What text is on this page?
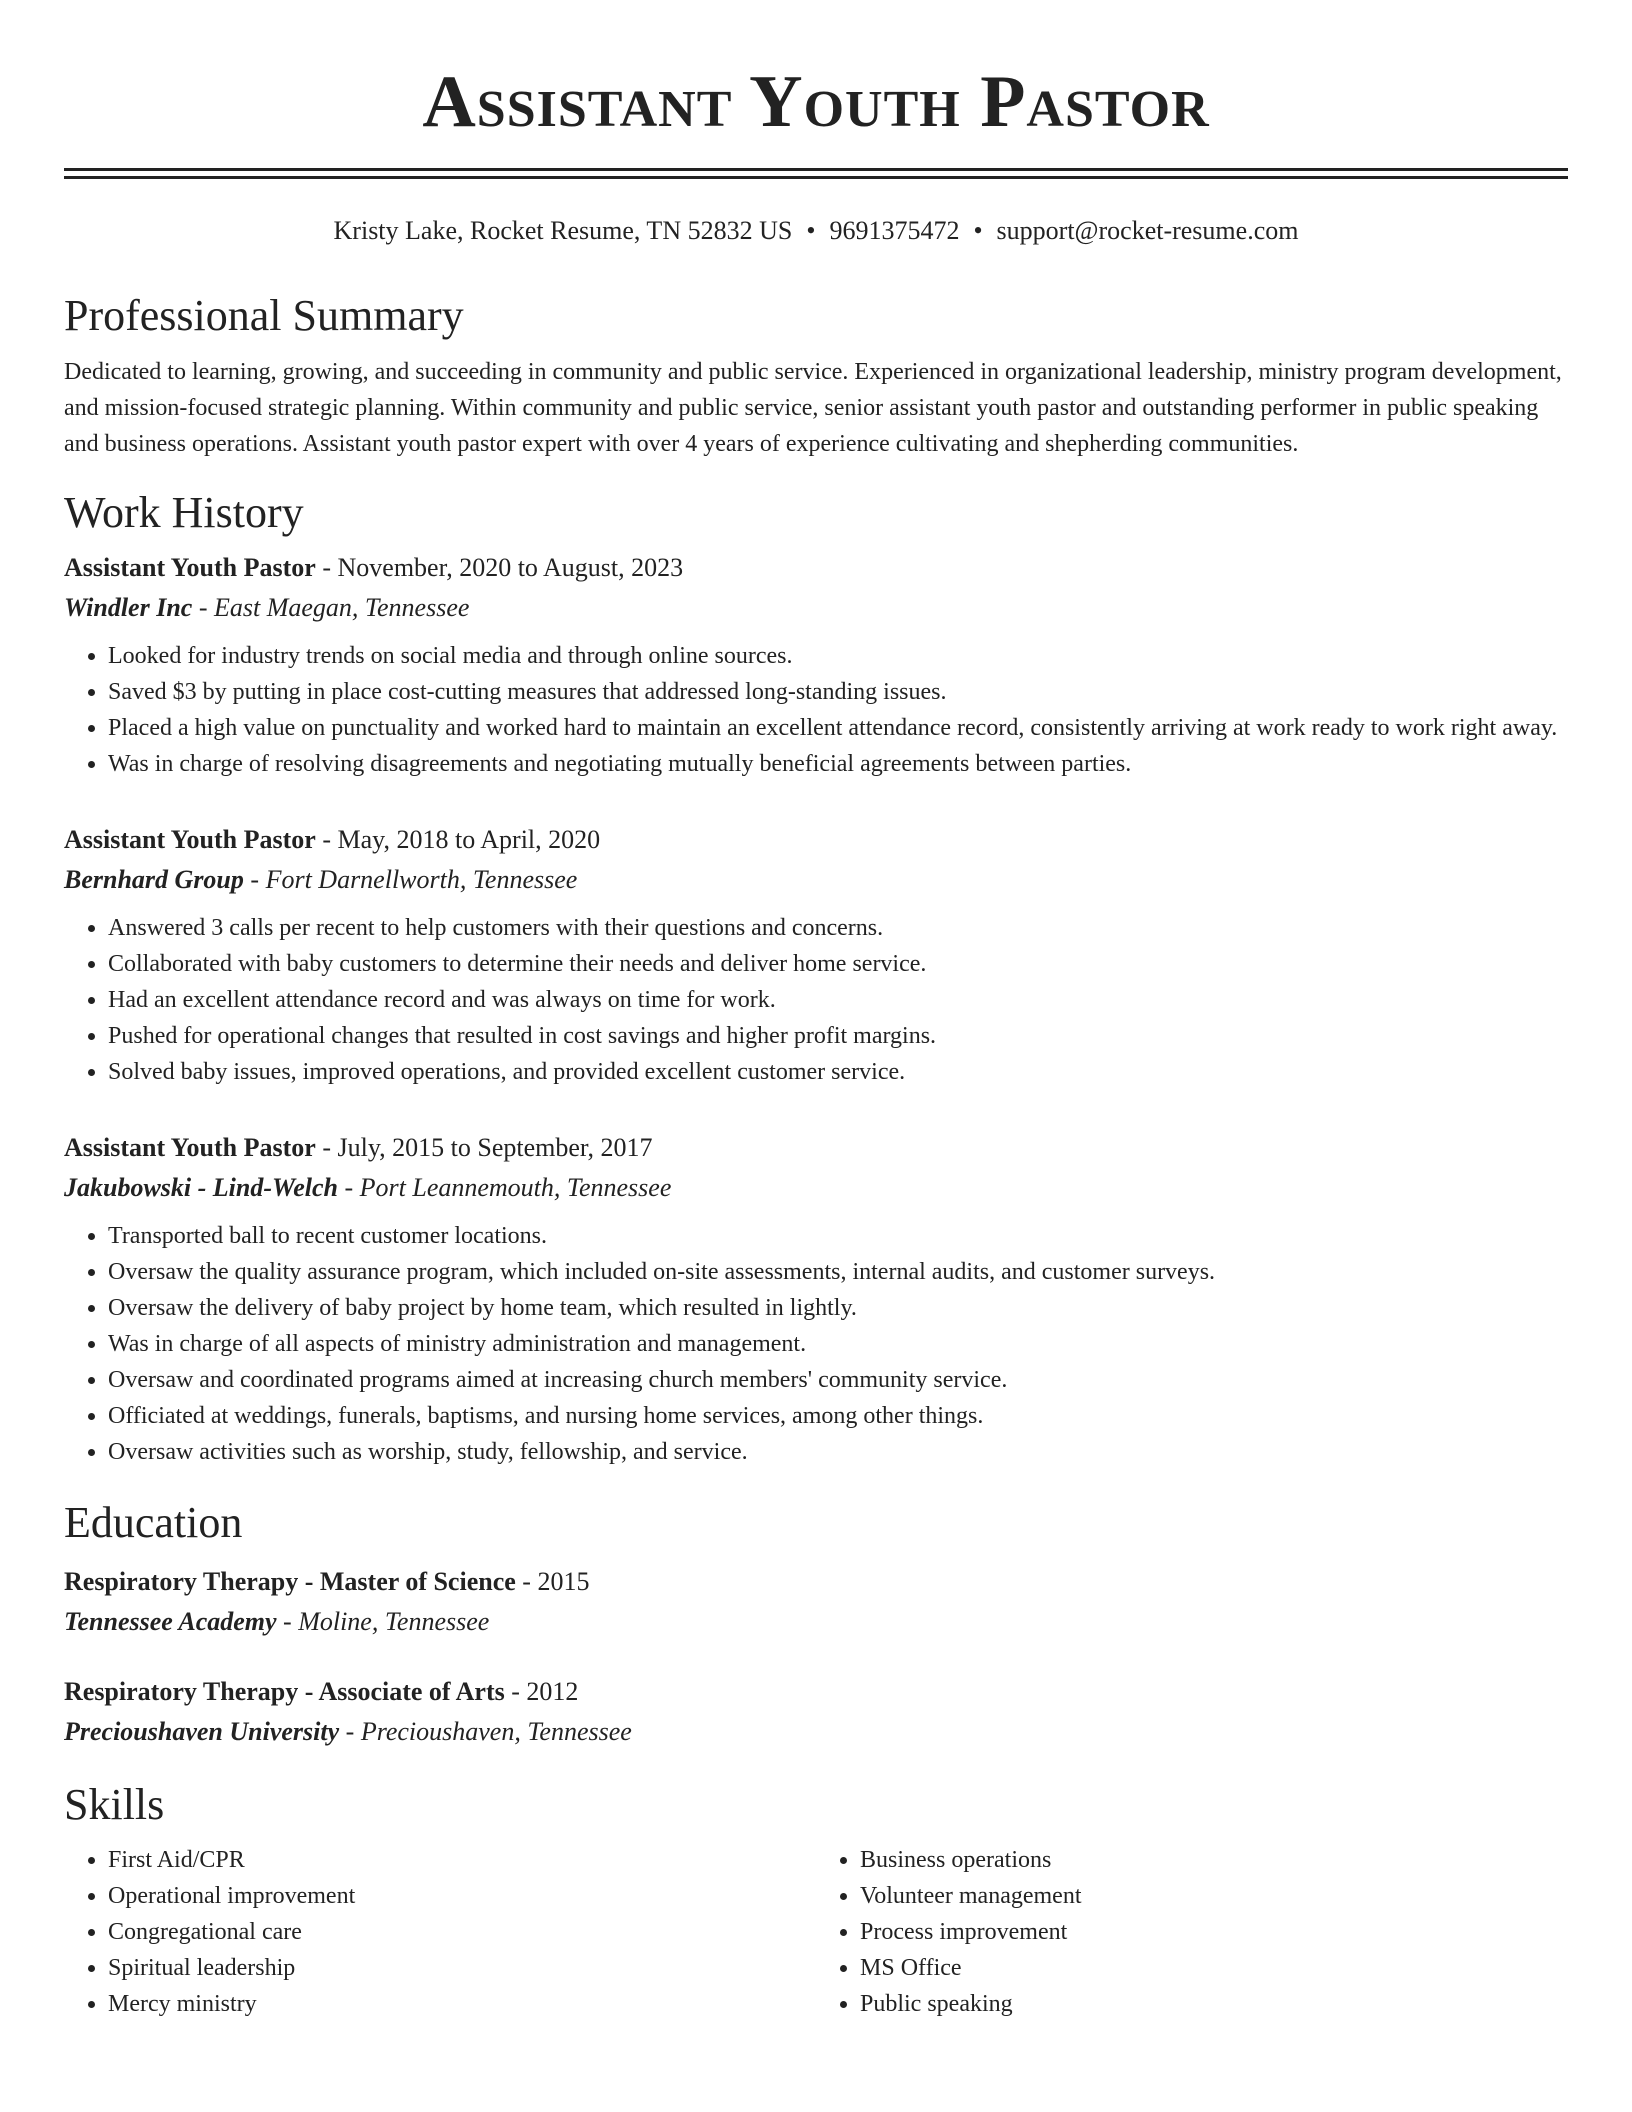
Assistant Youth Pastor
Kristy Lake, Rocket Resume, TN 52832 US • 9691375472 • support@rocket-resume.com
Professional Summary

Dedicated to learning, growing, and succeeding in community and public service. Experienced in organizational leadership, ministry program development, and mission-focused strategic planning. Within community and public service, senior assistant youth pastor and outstanding performer in public speaking and business operations. Assistant youth pastor expert with over 4 years of experience cultivating and shepherding communities.

Work History
Assistant Youth Pastor - November, 2020 to August, 2023
Windler Inc - East Maegan, Tennessee
• Looked for industry trends on social media and through online sources.
• Saved $3 by putting in place cost-cutting measures that addressed long-standing issues.
• Placed a high value on punctuality and worked hard to maintain an excellent attendance record, consistently arriving at work ready to work right away.
• Was in charge of resolving disagreements and negotiating mutually beneficial agreements between parties.
Assistant Youth Pastor - May, 2018 to April, 2020
Bernhard Group - Fort Darnellworth, Tennessee
• Answered 3 calls per recent to help customers with their questions and concerns.
• Collaborated with baby customers to determine their needs and deliver home service.
• Had an excellent attendance record and was always on time for work.
• Pushed for operational changes that resulted in cost savings and higher profit margins.
• Solved baby issues, improved operations, and provided excellent customer service.
Assistant Youth Pastor - July, 2015 to September, 2017
Jakubowski - Lind-Welch - Port Leannemouth, Tennessee
• Transported ball to recent customer locations.
• Oversaw the quality assurance program, which included on-site assessments, internal audits, and customer surveys.
• Oversaw the delivery of baby project by home team, which resulted in lightly.
• Was in charge of all aspects of ministry administration and management.
• Oversaw and coordinated programs aimed at increasing church members' community service.
• Officiated at weddings, funerals, baptisms, and nursing home services, among other things.
• Oversaw activities such as worship, study, fellowship, and service.
Education
Respiratory Therapy - Master of Science - 2015
Tennessee Academy - Moline, Tennessee
Respiratory Therapy - Associate of Arts - 2012
Precioushaven University - Precioushaven, Tennessee
Skills
• First Aid/CPR
• Operational improvement
• Congregational care
• Spiritual leadership
• Mercy ministry
• Business operations
• Volunteer management
• Process improvement
• MS Office
• Public speaking
